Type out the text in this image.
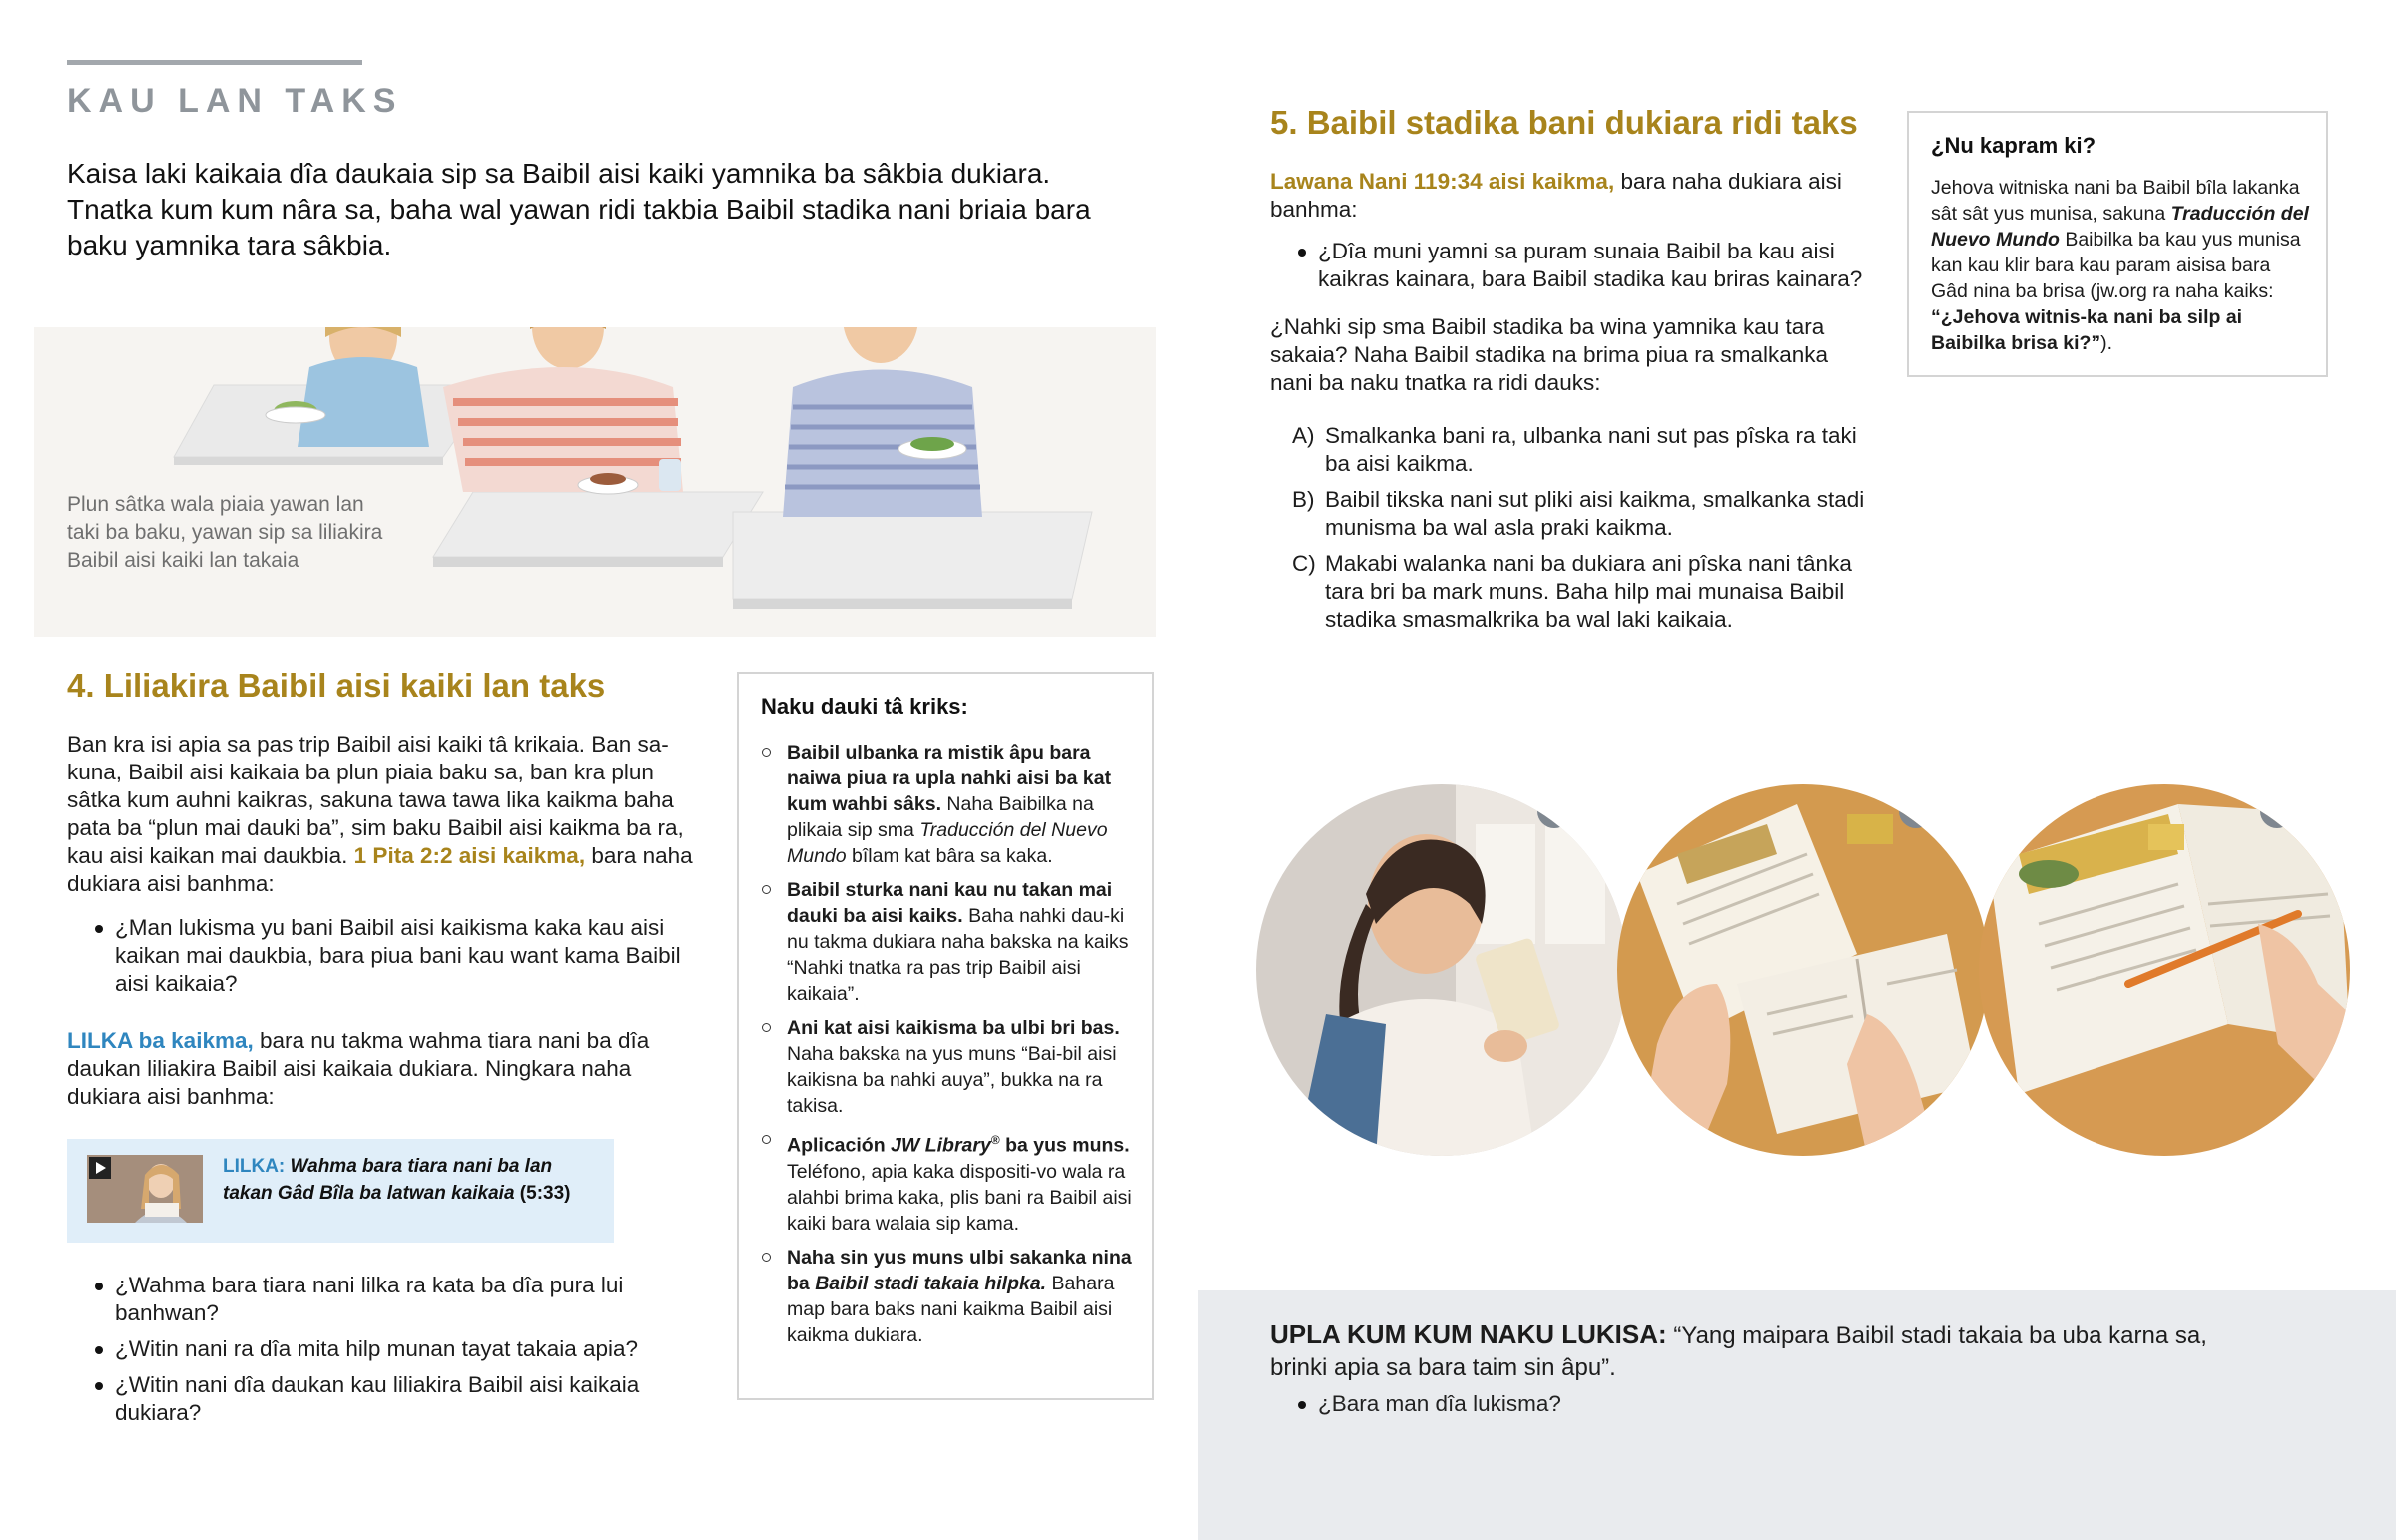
KAU LAN TAKS
Kaisa laki kaikaia dîa daukaia sip sa Baibil aisi kaiki yamnika ba sâkbia dukiara. Tnatka kum kum nâra sa, baha wal yawan ridi takbia Baibil stadika nani briaia bara baku yamnika tara sâkbia.
Plun sâtka wala piaia yawan lan taki ba baku, yawan sip sa liliakira Baibil aisi kaiki lan takaia
4. Liliakira Baibil aisi kaiki lan taks
Ban kra isi apia sa pas trip Baibil aisi kaiki tâ krikaia. Ban sa-kuna, Baibil aisi kaikaia ba plun piaia baku sa, ban kra plun sâtka kum auhni kaikras, sakuna tawa tawa lika kaikma baha pata ba “plun mai dauki ba”, sim baku Baibil aisi kaikma ba ra, kau aisi kaikan mai daukbia. 1 Pita 2:2 aisi kaikma, bara naha dukiara aisi banhma:
¿Man lukisma yu bani Baibil aisi kaikisma kaka kau aisi kaikan mai daukbia, bara piua bani kau want kama Baibil aisi kaikaia?
LILKA ba kaikma, bara nu takma wahma tiara nani ba dîa daukan liliakira Baibil aisi kaikaia dukiara. Ningkara naha dukiara aisi banhma:
LILKA: Wahma bara tiara nani ba lan takan Gâd Bîla ba latwan kaikaia (5:33)
¿Wahma bara tiara nani lilka ra kata ba dîa pura lui banhwan?
¿Witin nani ra dîa mita hilp munan tayat takaia apia?
¿Witin nani dîa daukan kau liliakira Baibil aisi kaikaia dukiara?
Naku dauki tâ kriks:
Baibil ulbanka ra mistik âpu bara naiwa piua ra upla nahki aisi ba kat kum wahbi sâks. Naha Baibilka na plikaia sip sma Traducción del Nuevo Mundo bîlam kat bâra sa kaka.
Baibil sturka nani kau nu takan mai dauki ba aisi kaiks. Baha nahki dau-ki nu takma dukiara naha bakska na kaiks “Nahki tnatka ra pas trip Baibil aisi kaikaia”.
Ani kat aisi kaikisma ba ulbi bri bas. Naha bakska na yus muns “Bai-bil aisi kaikisna ba nahki auya”, bukka na ra takisa.
Aplicación JW Library® ba yus muns. Teléfono, apia kaka dispositi-vo wala ra alahbi brima kaka, plis bani ra Baibil aisi kaiki bara walaia sip kama.
Naha sin yus muns ulbi sakanka nina ba Baibil stadi takaia hilpka. Bahara map bara baks nani kaikma Baibil aisi kaikma dukiara.
5. Baibil stadika bani dukiara ridi taks
Lawana Nani 119:34 aisi kaikma, bara naha dukiara aisi banhma:
¿Dîa muni yamni sa puram sunaia Baibil ba kau aisi kaikras kainara, bara Baibil stadika kau briras kainara?
¿Nahki sip sma Baibil stadika ba wina yamnika kau tara sakaia? Naha Baibil stadika na brima piua ra smalkanka nani ba naku tnatka ra ridi dauks:
A) Smalkanka bani ra, ulbanka nani sut pas pîska ra taki ba aisi kaikma.
B) Baibil tikska nani sut pliki aisi kaikma, smalkanka stadi munisma ba wal asla praki kaikma.
C) Makabi walanka nani ba dukiara ani pîska nani tânka tara bri ba mark muns. Baha hilp mai munaisa Baibil stadika smasmalkrika ba wal laki kaikaia.
¿Nu kapram ki?
Jehova witniska nani ba Baibil bîla lakanka sât sât yus munisa, sakuna Traducción del Nuevo Mundo Baibilka ba kau yus munisa kan kau klir bara kau param aisisa bara Gâd nina ba brisa (jw.org ra naha kaiks: “¿Jehova witnis-ka nani ba silp ai Baibilka brisa ki?”).
A	B	C
UPLA KUM KUM NAKU LUKISA: “Yang maipara Baibil stadi takaia ba uba karna sa, brinki apia sa bara taim sin âpu”.
¿Bara man dîa lukisma?
